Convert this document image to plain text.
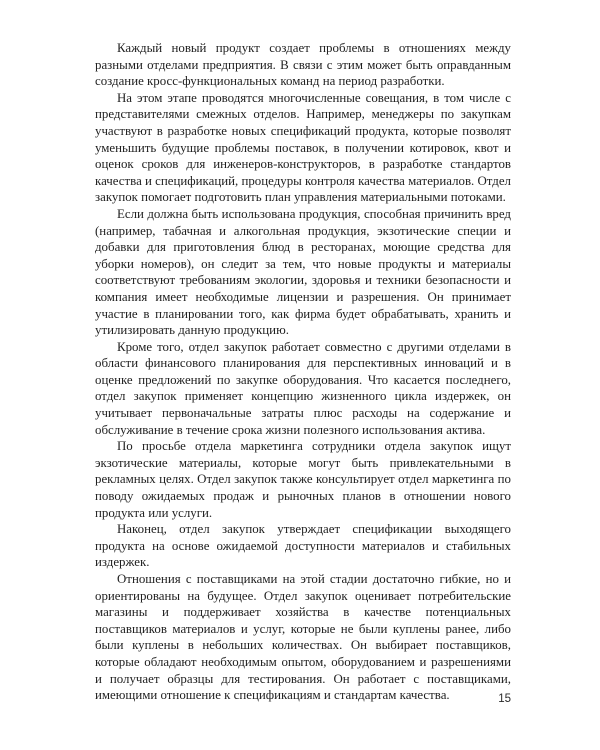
Каждый новый продукт создает проблемы в отношениях между разными отделами предприятия. В связи с этим может быть оправданным создание кросс-функциональных команд на период разработки.

На этом этапе проводятся многочисленные совещания, в том числе с представителями смежных отделов. Например, менеджеры по закупкам участвуют в разработке новых спецификаций продукта, которые позволят уменьшить будущие проблемы поставок, в получении котировок, квот и оценок сроков для инженеров-конструкторов, в разработке стандартов качества и спецификаций, процедуры контроля качества материалов. Отдел закупок помогает подготовить план управления материальными потоками.

Если должна быть использована продукция, способная причинить вред (например, табачная и алкогольная продукция, экзотические специи и добавки для приготовления блюд в ресторанах, моющие средства для уборки номеров), он следит за тем, что новые продукты и материалы соответствуют требованиям экологии, здоровья и техники безопасности и компания имеет необходимые лицензии и разрешения. Он принимает участие в планировании того, как фирма будет обрабатывать, хранить и утилизировать данную продукцию.

Кроме того, отдел закупок работает совместно с другими отделами в области финансового планирования для перспективных инноваций и в оценке предложений по закупке оборудования. Что касается последнего, отдел закупок применяет концепцию жизненного цикла издержек, он учитывает первоначальные затраты плюс расходы на содержание и обслуживание в течение срока жизни полезного использования актива.

По просьбе отдела маркетинга сотрудники отдела закупок ищут экзотические материалы, которые могут быть привлекательными в рекламных целях. Отдел закупок также консультирует отдел маркетинга по поводу ожидаемых продаж и рыночных планов в отношении нового продукта или услуги.

Наконец, отдел закупок утверждает спецификации выходящего продукта на основе ожидаемой доступности материалов и стабильных издержек.

Отношения с поставщиками на этой стадии достаточно гибкие, но и ориентированы на будущее. Отдел закупок оценивает потребительские магазины и поддерживает хозяйства в качестве потенциальных поставщиков материалов и услуг, которые не были куплены ранее, либо были куплены в небольших количествах. Он выбирает поставщиков, которые обладают необходимым опытом, оборудованием и разрешениями и получает образцы для тестирования. Он работает с поставщиками, имеющими отношение к спецификациям и стандартам качества.	15
